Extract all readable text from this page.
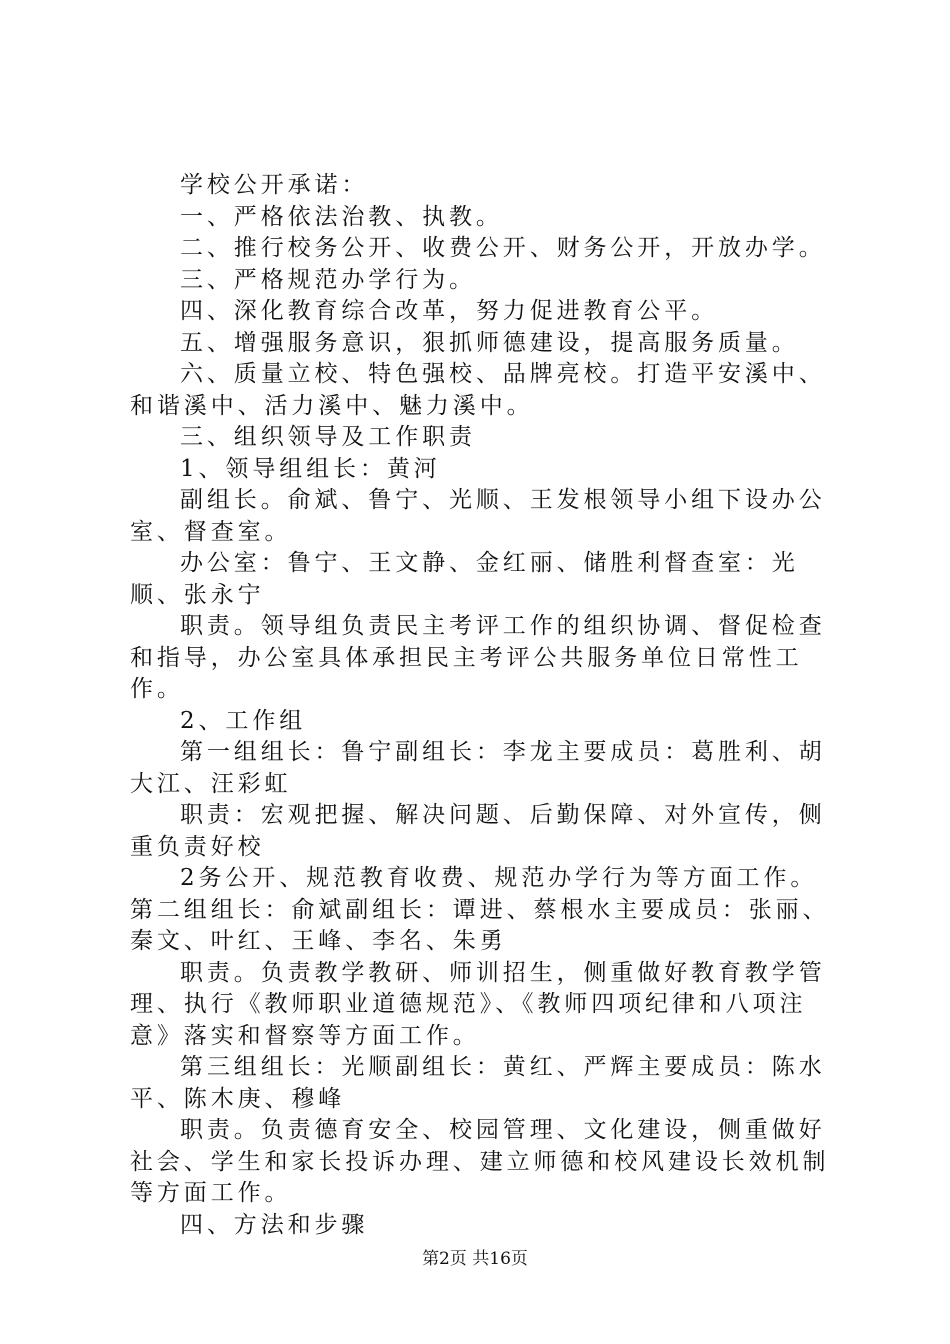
学校公开承诺：

一、严格依法治教、执教。

二、推行校务公开、收费公开、财务公开，开放办学。

三、严格规范办学行为。

四、深化教育综合改革，努力促进教育公平。

五、增强服务意识，狠抓师德建设，提高服务质量。

六、质量立校、特色强校、品牌亮校。打造平安溪中、和谐溪中、活力溪中、魅力溪中。

三、组织领导及工作职责

1、领导组组长：黄河

副组长。俞斌、鲁宁、光顺、王发根领导小组下设办公室、督查室。

办公室：鲁宁、王文静、金红丽、储胜利督查室：光顺、张永宁

职责。领导组负责民主考评工作的组织协调、督促检查和指导，办公室具体承担民主考评公共服务单位日常性工作。

2、工作组

第一组组长：鲁宁副组长：李龙主要成员：葛胜利、胡大江、汪彩虹

职责：宏观把握、解决问题、后勤保障、对外宣传，侧重负责好校

2务公开、规范教育收费、规范办学行为等方面工作。第二组组长：俞斌副组长：谭进、蔡根水主要成员：张丽、秦文、叶红、王峰、李名、朱勇

职责。负责教学教研、师训招生，侧重做好教育教学管理、执行《教师职业道德规范》、《教师四项纪律和八项注意》落实和督察等方面工作。

第三组组长：光顺副组长：黄红、严辉主要成员：陈水平、陈木庚、穆峰

职责。负责德育安全、校园管理、文化建设，侧重做好社会、学生和家长投诉办理、建立师德和校风建设长效机制等方面工作。

四、方法和步骤

第2页 共16页
